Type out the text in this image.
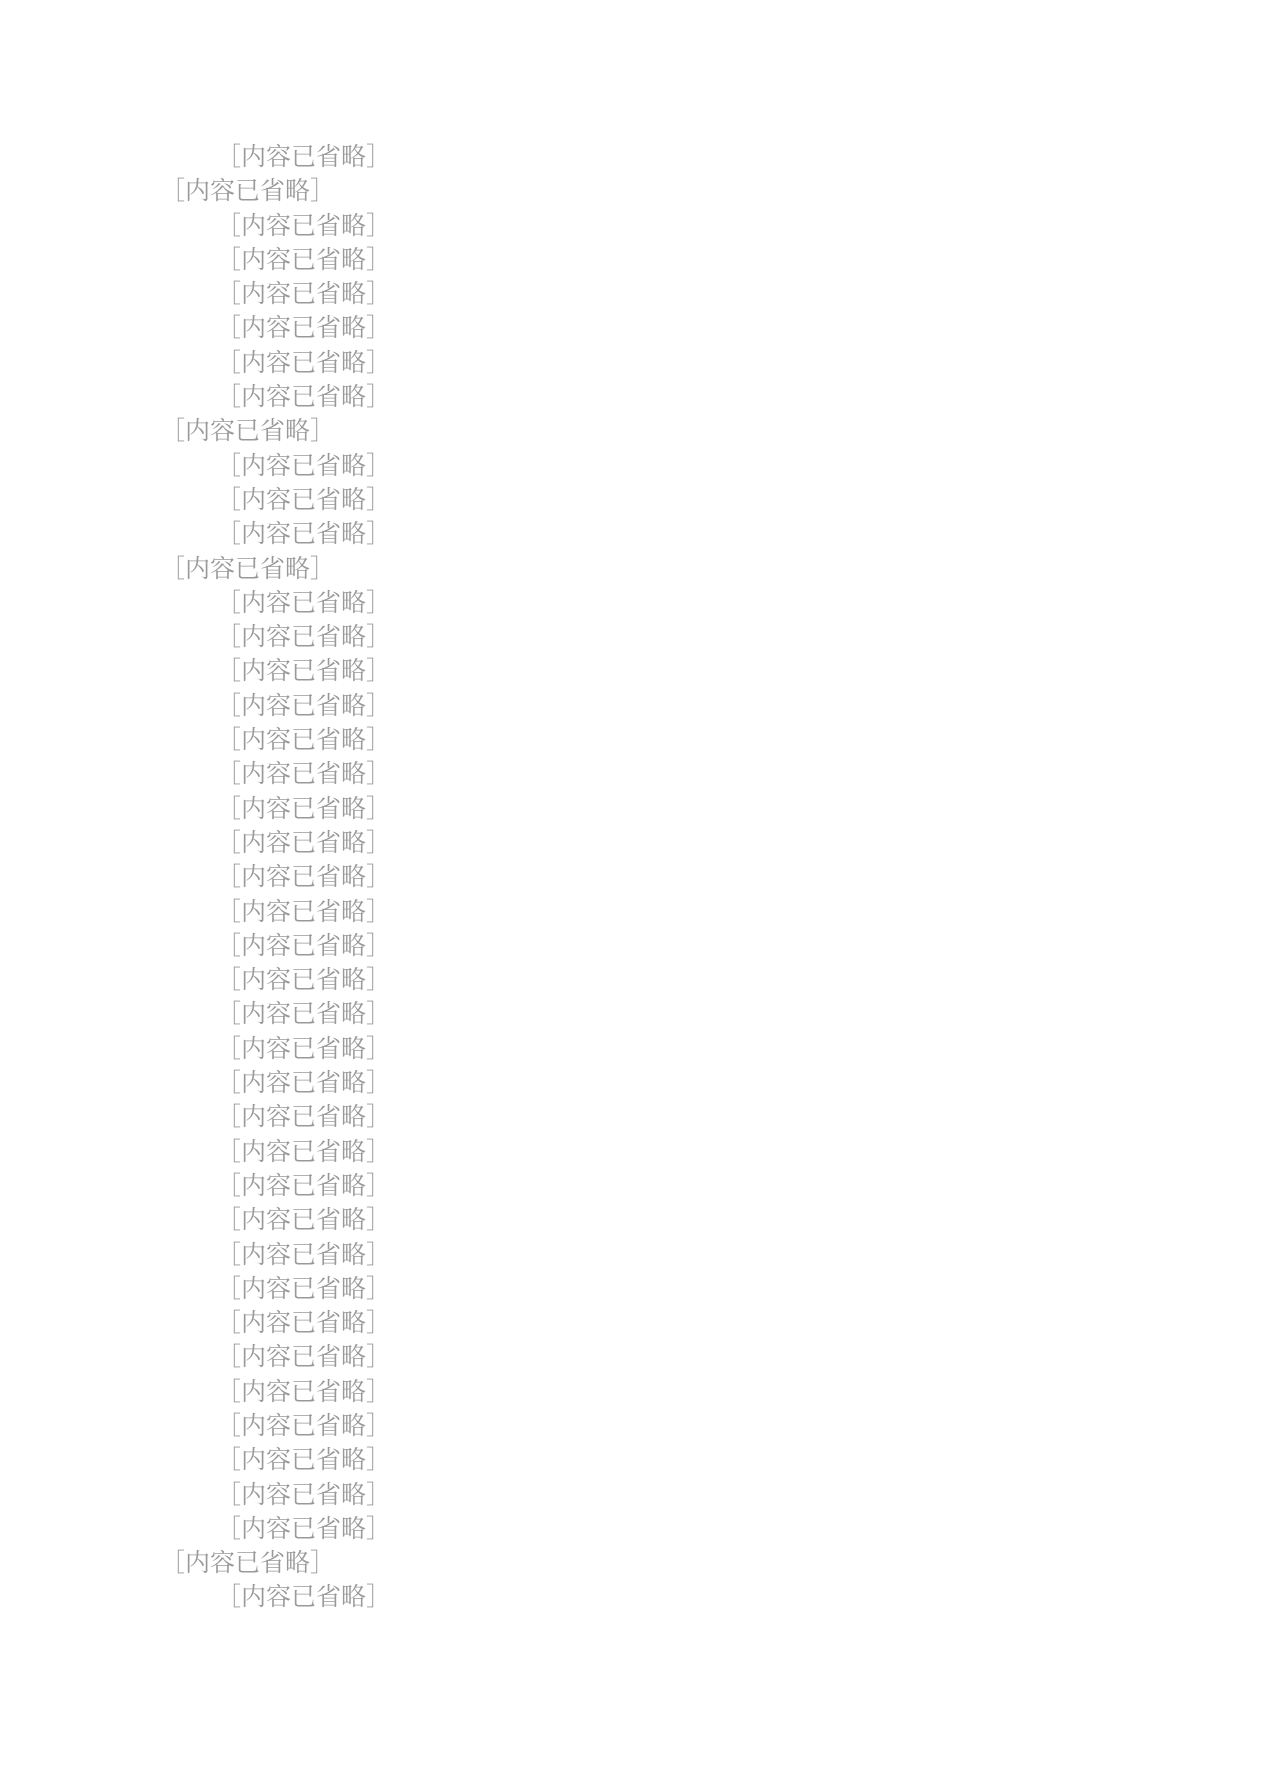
［内容已省略］
［内容已省略］
［内容已省略］
［内容已省略］
［内容已省略］
［内容已省略］
［内容已省略］
［内容已省略］
［内容已省略］
［内容已省略］
［内容已省略］
［内容已省略］
［内容已省略］
［内容已省略］
［内容已省略］
［内容已省略］
［内容已省略］
［内容已省略］
［内容已省略］
［内容已省略］
［内容已省略］
［内容已省略］
［内容已省略］
［内容已省略］
［内容已省略］
［内容已省略］
［内容已省略］
［内容已省略］
［内容已省略］
［内容已省略］
［内容已省略］
［内容已省略］
［内容已省略］
［内容已省略］
［内容已省略］
［内容已省略］
［内容已省略］
［内容已省略］
［内容已省略］
［内容已省略］
［内容已省略］
［内容已省略］
［内容已省略］
